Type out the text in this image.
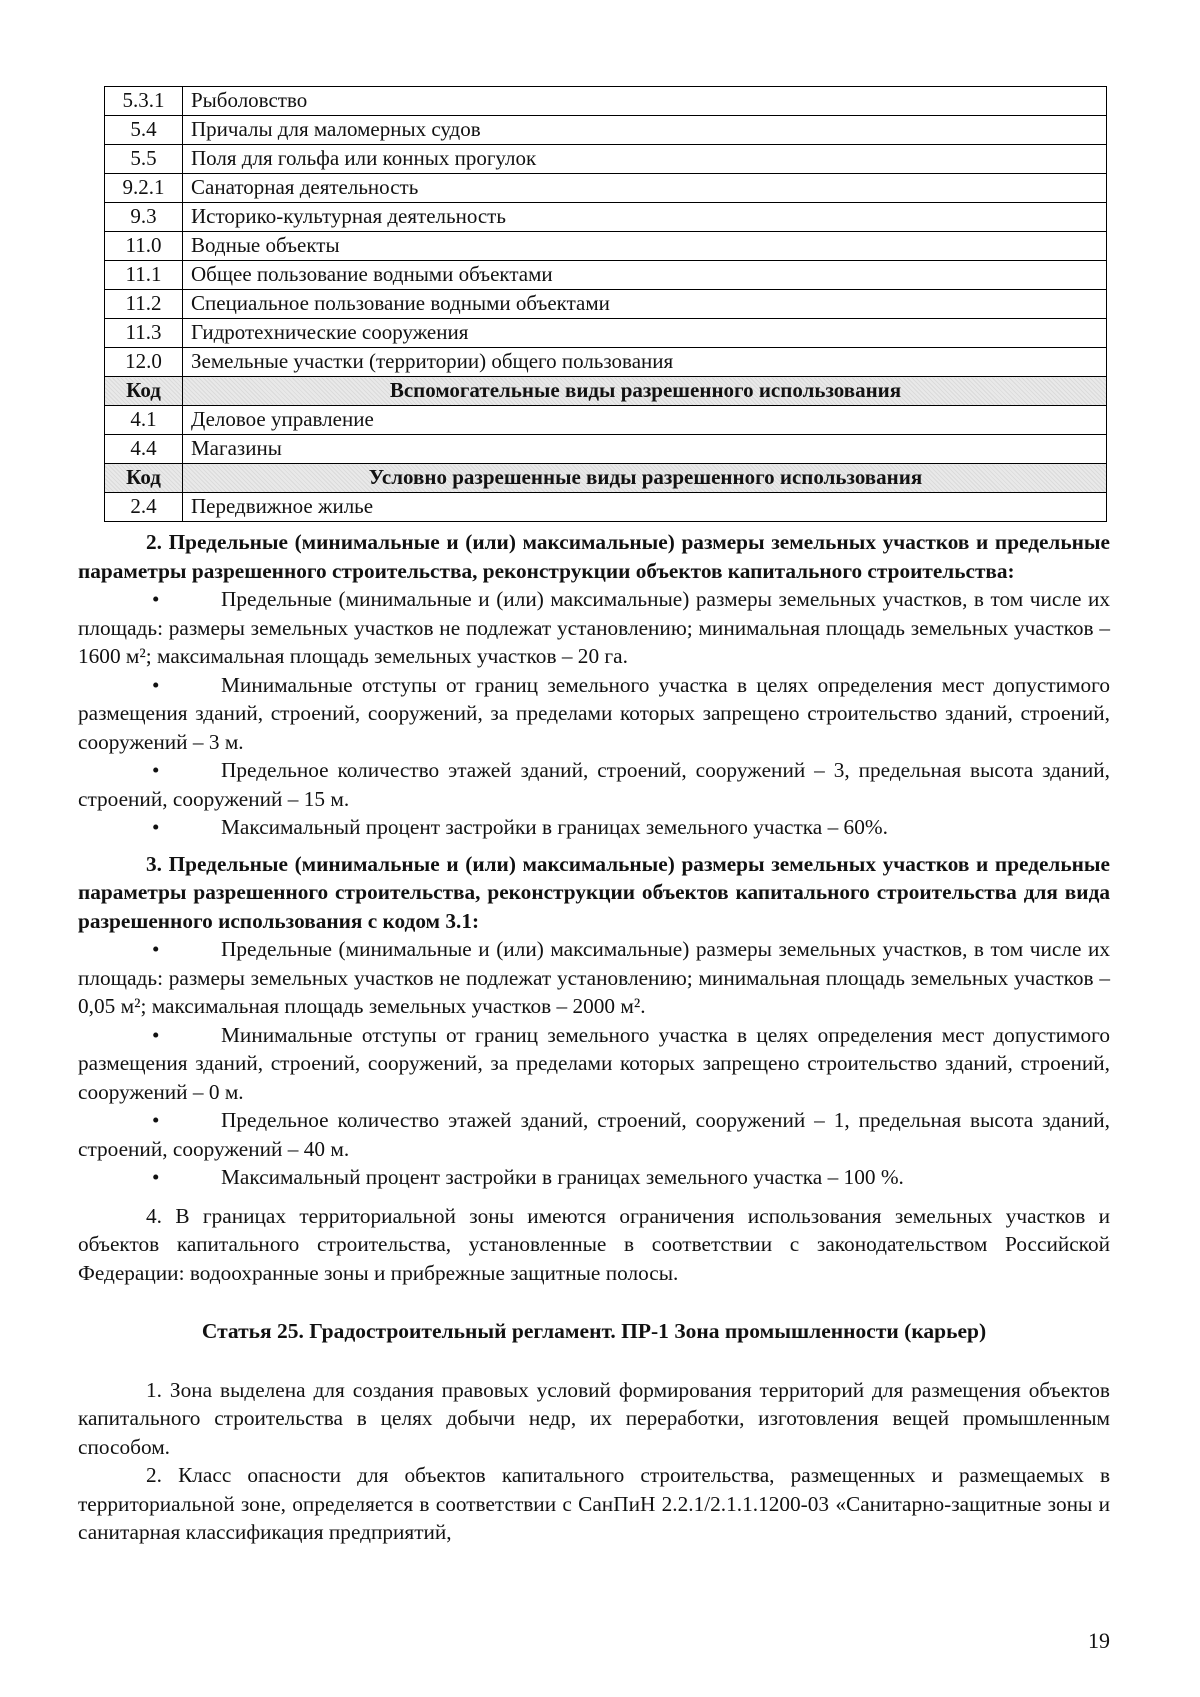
5.3.1	Рыболовство
5.4	Причалы для маломерных судов
5.5	Поля для гольфа или конных прогулок
9.2.1	Санаторная деятельность
9.3	Историко-культурная деятельность
11.0	Водные объекты
11.1	Общее пользование водными объектами
11.2	Специальное пользование водными объектами
11.3	Гидротехнические сооружения
12.0	Земельные участки (территории) общего пользования
Код	Вспомогательные виды разрешенного использования
4.1	Деловое управление
4.4	Магазины
Код	Условно разрешенные виды разрешенного использования
2.4	Передвижное жилье

2. Предельные (минимальные и (или) максимальные) размеры земельных участков и предельные параметры разрешенного строительства, реконструкции объектов капитального строительства:

•	Предельные (минимальные и (или) максимальные) размеры земельных участков, в том числе их площадь: размеры земельных участков не подлежат установлению; минимальная площадь земельных участков – 1600 м²; максимальная площадь земельных участков – 20 га.

•	Минимальные отступы от границ земельного участка в целях определения мест допустимого размещения зданий, строений, сооружений, за пределами которых запрещено строительство зданий, строений, сооружений – 3 м.

•	Предельное количество этажей зданий, строений, сооружений – 3, предельная высота зданий, строений, сооружений – 15 м.

•	Максимальный процент застройки в границах земельного участка – 60%.

3. Предельные (минимальные и (или) максимальные) размеры земельных участков и предельные параметры разрешенного строительства, реконструкции объектов капитального строительства для вида разрешенного использования с кодом 3.1:

•	Предельные (минимальные и (или) максимальные) размеры земельных участков, в том числе их площадь: размеры земельных участков не подлежат установлению; минимальная площадь земельных участков – 0,05 м²; максимальная площадь земельных участков – 2000 м².

•	Минимальные отступы от границ земельного участка в целях определения мест допустимого размещения зданий, строений, сооружений, за пределами которых запрещено строительство зданий, строений, сооружений – 0 м.

•	Предельное количество этажей зданий, строений, сооружений – 1, предельная высота зданий, строений, сооружений – 40 м.

•	Максимальный процент застройки в границах земельного участка – 100 %.

4. В границах территориальной зоны имеются ограничения использования земельных участков и объектов капитального строительства, установленные в соответствии с законодательством Российской Федерации: водоохранные зоны и прибрежные защитные полосы.

Статья 25. Градостроительный регламент. ПР-1 Зона промышленности (карьер)

1. Зона выделена для создания правовых условий формирования территорий для размещения объектов капитального строительства в целях добычи недр, их переработки, изготовления вещей промышленным способом.

2. Класс опасности для объектов капитального строительства, размещенных и размещаемых в территориальной зоне, определяется в соответствии с СанПиН 2.2.1/2.1.1.1200-03 «Санитарно-защитные зоны и санитарная классификация предприятий,

19
